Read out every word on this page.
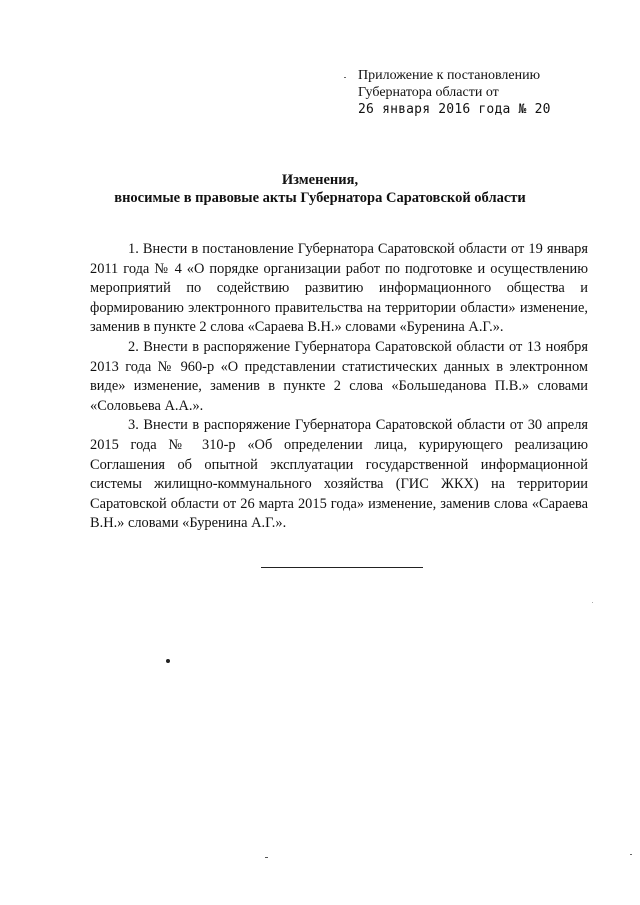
Приложение к постановлению
Губернатора области от
26 января 2016 года № 20
Изменения,
вносимые в правовые акты Губернатора Саратовской области

1. Внести в постановление Губернатора Саратовской области от 19 января 2011 года № 4 «О порядке организации работ по подготовке и осуществлению мероприятий по содействию развитию информационного общества и формированию электронного правительства на территории области» изменение, заменив в пункте 2 слова «Сараева В.Н.» словами «Буренина А.Г.».

2. Внести в распоряжение Губернатора Саратовской области от 13 ноября 2013 года № 960-р «О представлении статистических данных в электронном виде» изменение, заменив в пункте 2 слова «Большеданова П.В.» словами «Соловьева А.А.».

3. Внести в распоряжение Губернатора Саратовской области от 30 апреля 2015 года № 310-р «Об определении лица, курирующего реализацию Соглашения об опытной эксплуатации государственной информационной системы жилищно-коммунального хозяйства (ГИС ЖКХ) на территории Саратовской области от 26 марта 2015 года» изменение, заменив слова «Сараева В.Н.» словами «Буренина А.Г.».
